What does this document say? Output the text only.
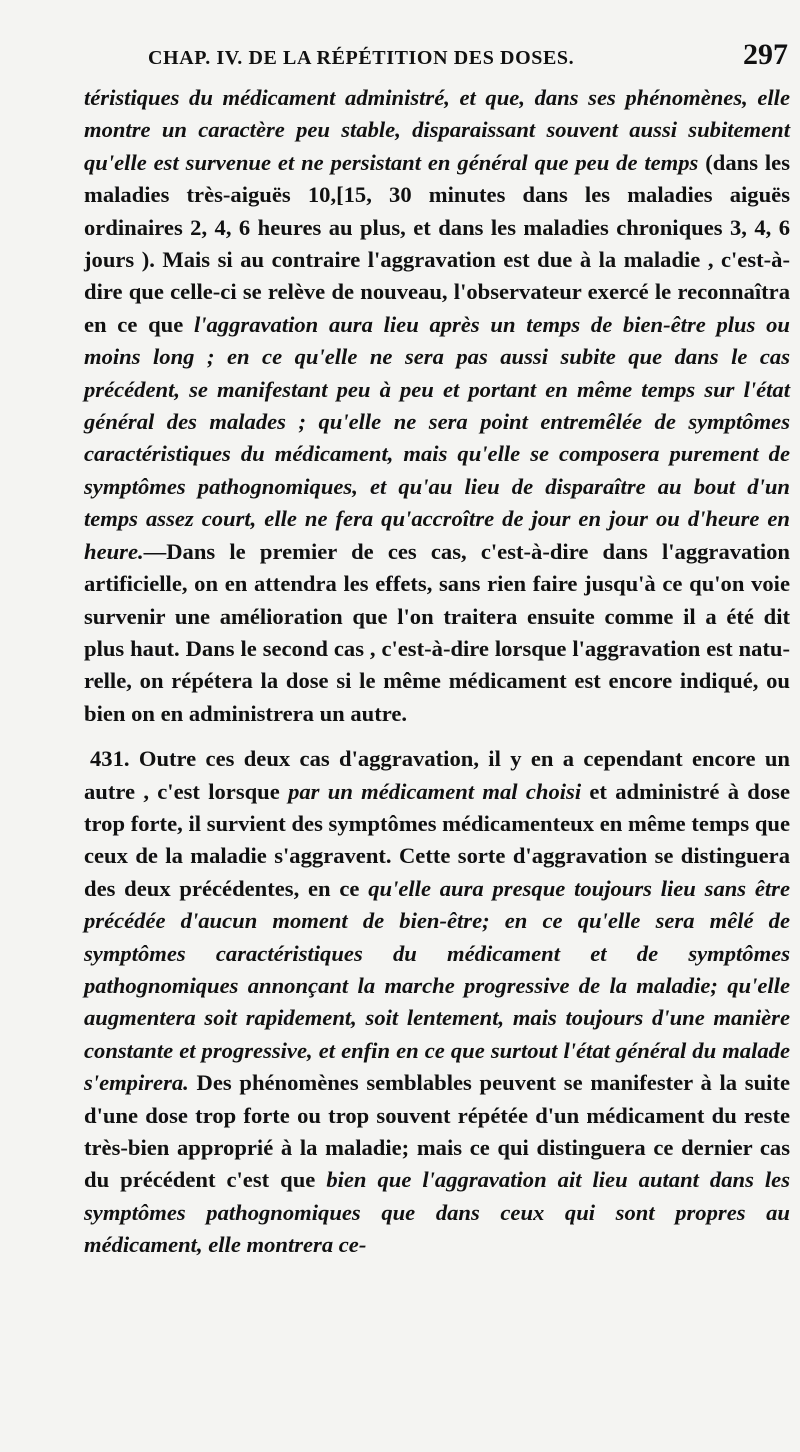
CHAP. IV. DE LA RÉPÉTITION DES DOSES.	297

téristiques du médicament administré, et que, dans ses phénomènes, elle montre un caractère peu stable, disparaissant souvent aussi subitement qu'elle est survenue et ne persistant en général que peu de temps (dans les maladies très-aiguës 10,[15, 30 minutes dans les maladies aiguës ordinaires 2, 4, 6 heures au plus, et dans les maladies chroniques 3, 4, 6 jours ). Mais si au contraire l'aggravation est due à la maladie , c'est-à-dire que celle-ci se relève de nouveau, l'observateur exercé le reconnaîtra en ce que l'aggravation aura lieu après un temps de bien-être plus ou moins long ; en ce qu'elle ne sera pas aussi subite que dans le cas précédent, se manifestant peu à peu et portant en même temps sur l'état général des malades ; qu'elle ne sera point entremêlée de symptômes caractéristiques du médicament, mais qu'elle se composera purement de symptômes pathognomiques, et qu'au lieu de disparaître au bout d'un temps assez court, elle ne fera qu'accroître de jour en jour ou d'heure en heure.—Dans le premier de ces cas, c'est-à-dire dans l'aggravation artificielle, on en attendra les effets, sans rien faire jusqu'à ce qu'on voie survenir une amélioration que l'on traitera ensuite comme il a été dit plus haut. Dans le second cas , c'est-à-dire lorsque l'aggravation est naturelle, on répétera la dose si le même médicament est encore indiqué, ou bien on en administrera un autre.

431. Outre ces deux cas d'aggravation, il y en a cependant encore un autre , c'est lorsque par un médicament mal choisi et administré à dose trop forte, il survient des symptômes médicamenteux en même temps que ceux de la maladie s'aggravent. Cette sorte d'aggravation se distinguera des deux précédentes, en ce qu'elle aura presque toujours lieu sans être précédée d'aucun moment de bien-être; en ce qu'elle sera mêlé de symptômes caractéristiques du médicament et de symptômes pathognomiques annonçant la marche progressive de la maladie; qu'elle augmentera soit rapidement, soit lentement, mais toujours d'une manière constante et progressive, et enfin en ce que surtout l'état général du malade s'empirera. Des phénomènes semblables peuvent se manifester à la suite d'une dose trop forte ou trop souvent répétée d'un médicament du reste très-bien approprié à la maladie; mais ce qui distinguera ce dernier cas du précédent c'est que bien que l'aggravation ait lieu autant dans les symptômes pathognomiques que dans ceux qui sont propres au médicament, elle montrera ce-
